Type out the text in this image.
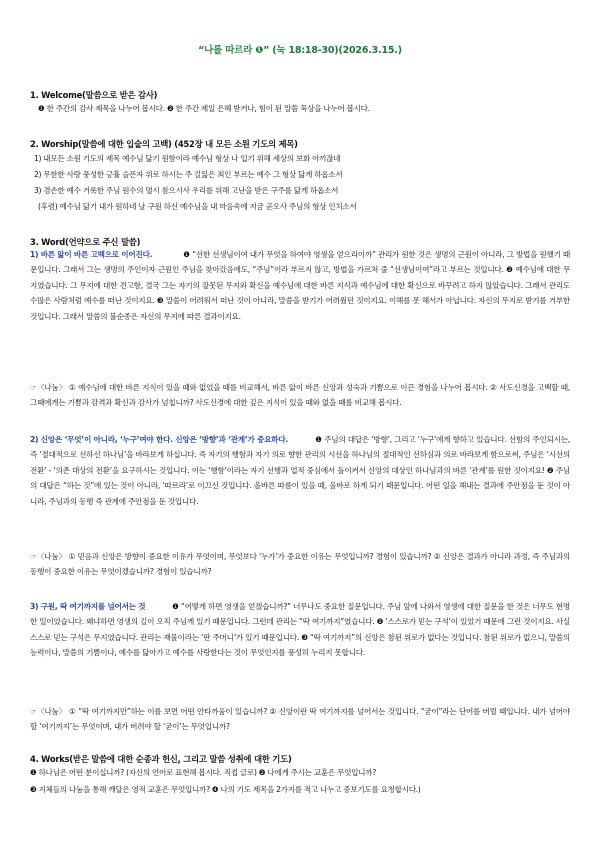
“나를 따르라 ❶” (눅 18:18-30)(2026.3.15.)
1. Welcome(말씀으로 받은 감사)
❶ 한 주간의 감사 제목을 나누어 봅시다. ❷ 한 주간 제일 은혜 받거나, 힘이 된 말씀 묵상을 나누어 봅시다.
2. Worship(말씀에 대한 입술의 고백) (452장 내 모든 소원 기도의 제목)
1) 내모든 소원 기도의 제목 예수님 닮기 원함이라 예수님 형상 나 입기 위해 세상의 보화 아끼잖네
2) 무한한 사랑 풍성한 긍휼 슬픈자 위로 하시는 주 길잃은 죄인 부르는 예수 그 형상 닮게 하옵소서
3) 겸손한 예수 거룩한 주님 원수의 멸시 참으시사 우리를 위해 고난을 받은 구주를 닮게 하옵소서
(후렴) 예수님 닮기 내가 원하네 날 구원 하신 예수님을 내 마음속에 지금 곧오사 주님의 형상 인치소서
3. Word(언약으로 주신 말씀)
1) 바른 앎이 바른 고백으로 이어진다.	❶ “선한 선생님이여 내가 무엇을 하여야 영생을 얻으리이까” 관리가 원한 것은 생명의 근원이 아니라, 그 방법을 원했기 때문입니다. 그래서 그는 생명의 주인이자 근원인 주님을 찾아갔음에도, “주님”이라 부르지 않고, 방법을 가르쳐 줄 “선생님이여”라고 부르는 것입니다. ❷ 예수님에 대한 무지였습니다. 그 무지에 대한 견고함, 결국 그는 자기의 잘못된 무지와 확신을 예수님에 대한 바른 지식과 예수님에 대한 확신으로 바꾸려고 하지 않았습니다. 그래서 관리도 수많은 사람처럼 예수를 떠난 것이지요. ❸ 말씀이 어려워서 떠난 것이 아니라, 말씀을 받기가 어려웠던 것이지요. 이해를 못 해서가 아닙니다. 자신의 무지로 받기를 거부한 것입니다. 그래서 말씀의 불순종은 자신의 무지에 따른 결과이지요.
☞〈나눔〉 ① 예수님에 대한 바른 지식이 있을 때와 없었을 때를 비교해서, 바른 앎이 바른 신앙과 성숙과 기쁨으로 이끈 경험을 나누어 봅시다. ② 사도신경을 고백할 때, 그때에게는 기쁨과 감격과 확신과 감사가 넘칩니까? 사도신경에 대한 깊은 지식이 있을 때와 없을 때를 비교해 봅시다.
2) 신앙은 ‘무엇’이 아니라, ‘누구’여야 한다. 신앙은 ‘방향’과 ‘관계’가 중요하다.	❶ 주님의 대답은 ‘방향’, 그리고 ‘누구’에게 향하고 있습니다. 선함의 주인되시는, 즉 ‘절대적으로 선하신 하나님’을 바라보게 하십니다. 즉 자기의 행함과 자기 의로 향한 관리의 시선을 하나님의 절대적인 선하심과 의로 바라보게 함으로써, 주님은 ‘시선의 전환’ - ‘의존 대상의 전환’을 요구하시는 것입니다. 이는 ‘행함’이라는 자기 선행과 업적 중심에서 돌이켜서 신앙의 대상인 하나님과의 바른 ‘관계’를 원한 것이지요! ❷ 주님의 대답은 “하는 것”에 있는 것이 아니라, ‘따르라’로 이끄신 것입니다. 올바른 따름이 있을 때, 올바로 하게 되기 때문입니다. 어떤 일을 해내는 결과에 주안점을 둔 것이 아니라, 주님과의 동행 즉 관계에 주안점을 둔 것입니다.
☞〈나눔〉 ① 믿음과 신앙은 방향이 중요한 이유가 무엇이며, 무엇보다 ‘누가’가 중요한 이유는 무엇입니까? 경험이 있습니까? ② 신앙은 결과가 아니라 과정, 즉 주님과의 동행이 중요한 이유는 무엇이겠습니까? 경험이 있습니까?
3) 구원, 딱 여기까지를 넘어서는 것	❶ “어떻게 하면 영생을 얻겠습니까?” 너무나도 중요한 질문입니다. 주님 앞에 나와서 영생에 대한 질문을 한 것은 너무도 현명한 일이었습니다. 왜냐하면 영생의 길이 오직 주님께 있기 때문입니다. 그런데 관리는 “딱 여기까지”였습니다. ❷ ‘스스로가 믿는 구석’이 있었기 때문에 그런 것이지요. 사실 스스로 믿는 구석은 무지였습니다. 관리는 재물이라는 ‘딴 주머니’가 있기 때문입니다. ❸ “딱 여기까지”의 신앙은 참된 위로가 없다는 것입니다. 참된 위로가 없으니, 말씀의 능력이나, 말씀의 기쁨이나, 예수를 닮아가고 예수를 사랑한다는 것이 무엇인지를 풍성히 누리지 못합니다.
☞〈나눔〉 ① “딱 여기까지만”하는 이를 보면 어떤 안타까움이 있습니까? ② 신앙이란 딱 여기까지를 넘어서는 것입니다. “굳이”라는 단어를 버릴 때입니다. 내가 넘어야 할 ‘여기까지’는 무엇이며, 내가 버려야 할 ‘굳이’는 무엇입니까?
4. Works(받은 말씀에 대한 순종과 헌신, 그리고 말씀 성취에 대한 기도)
❶ 하나님은 어떤 분이십니까? (자신의 언어로 표현해 봅시다. 직접 글로) ❷ 나에게 주시는 교훈은 무엇입니까?
❸ 지체들의 나눔을 통해 깨달은 영적 교훈은 무엇입니까? ❹ 나의 기도 제목을 2가지를 적고 나누고 중보기도를 요청합시다.)
